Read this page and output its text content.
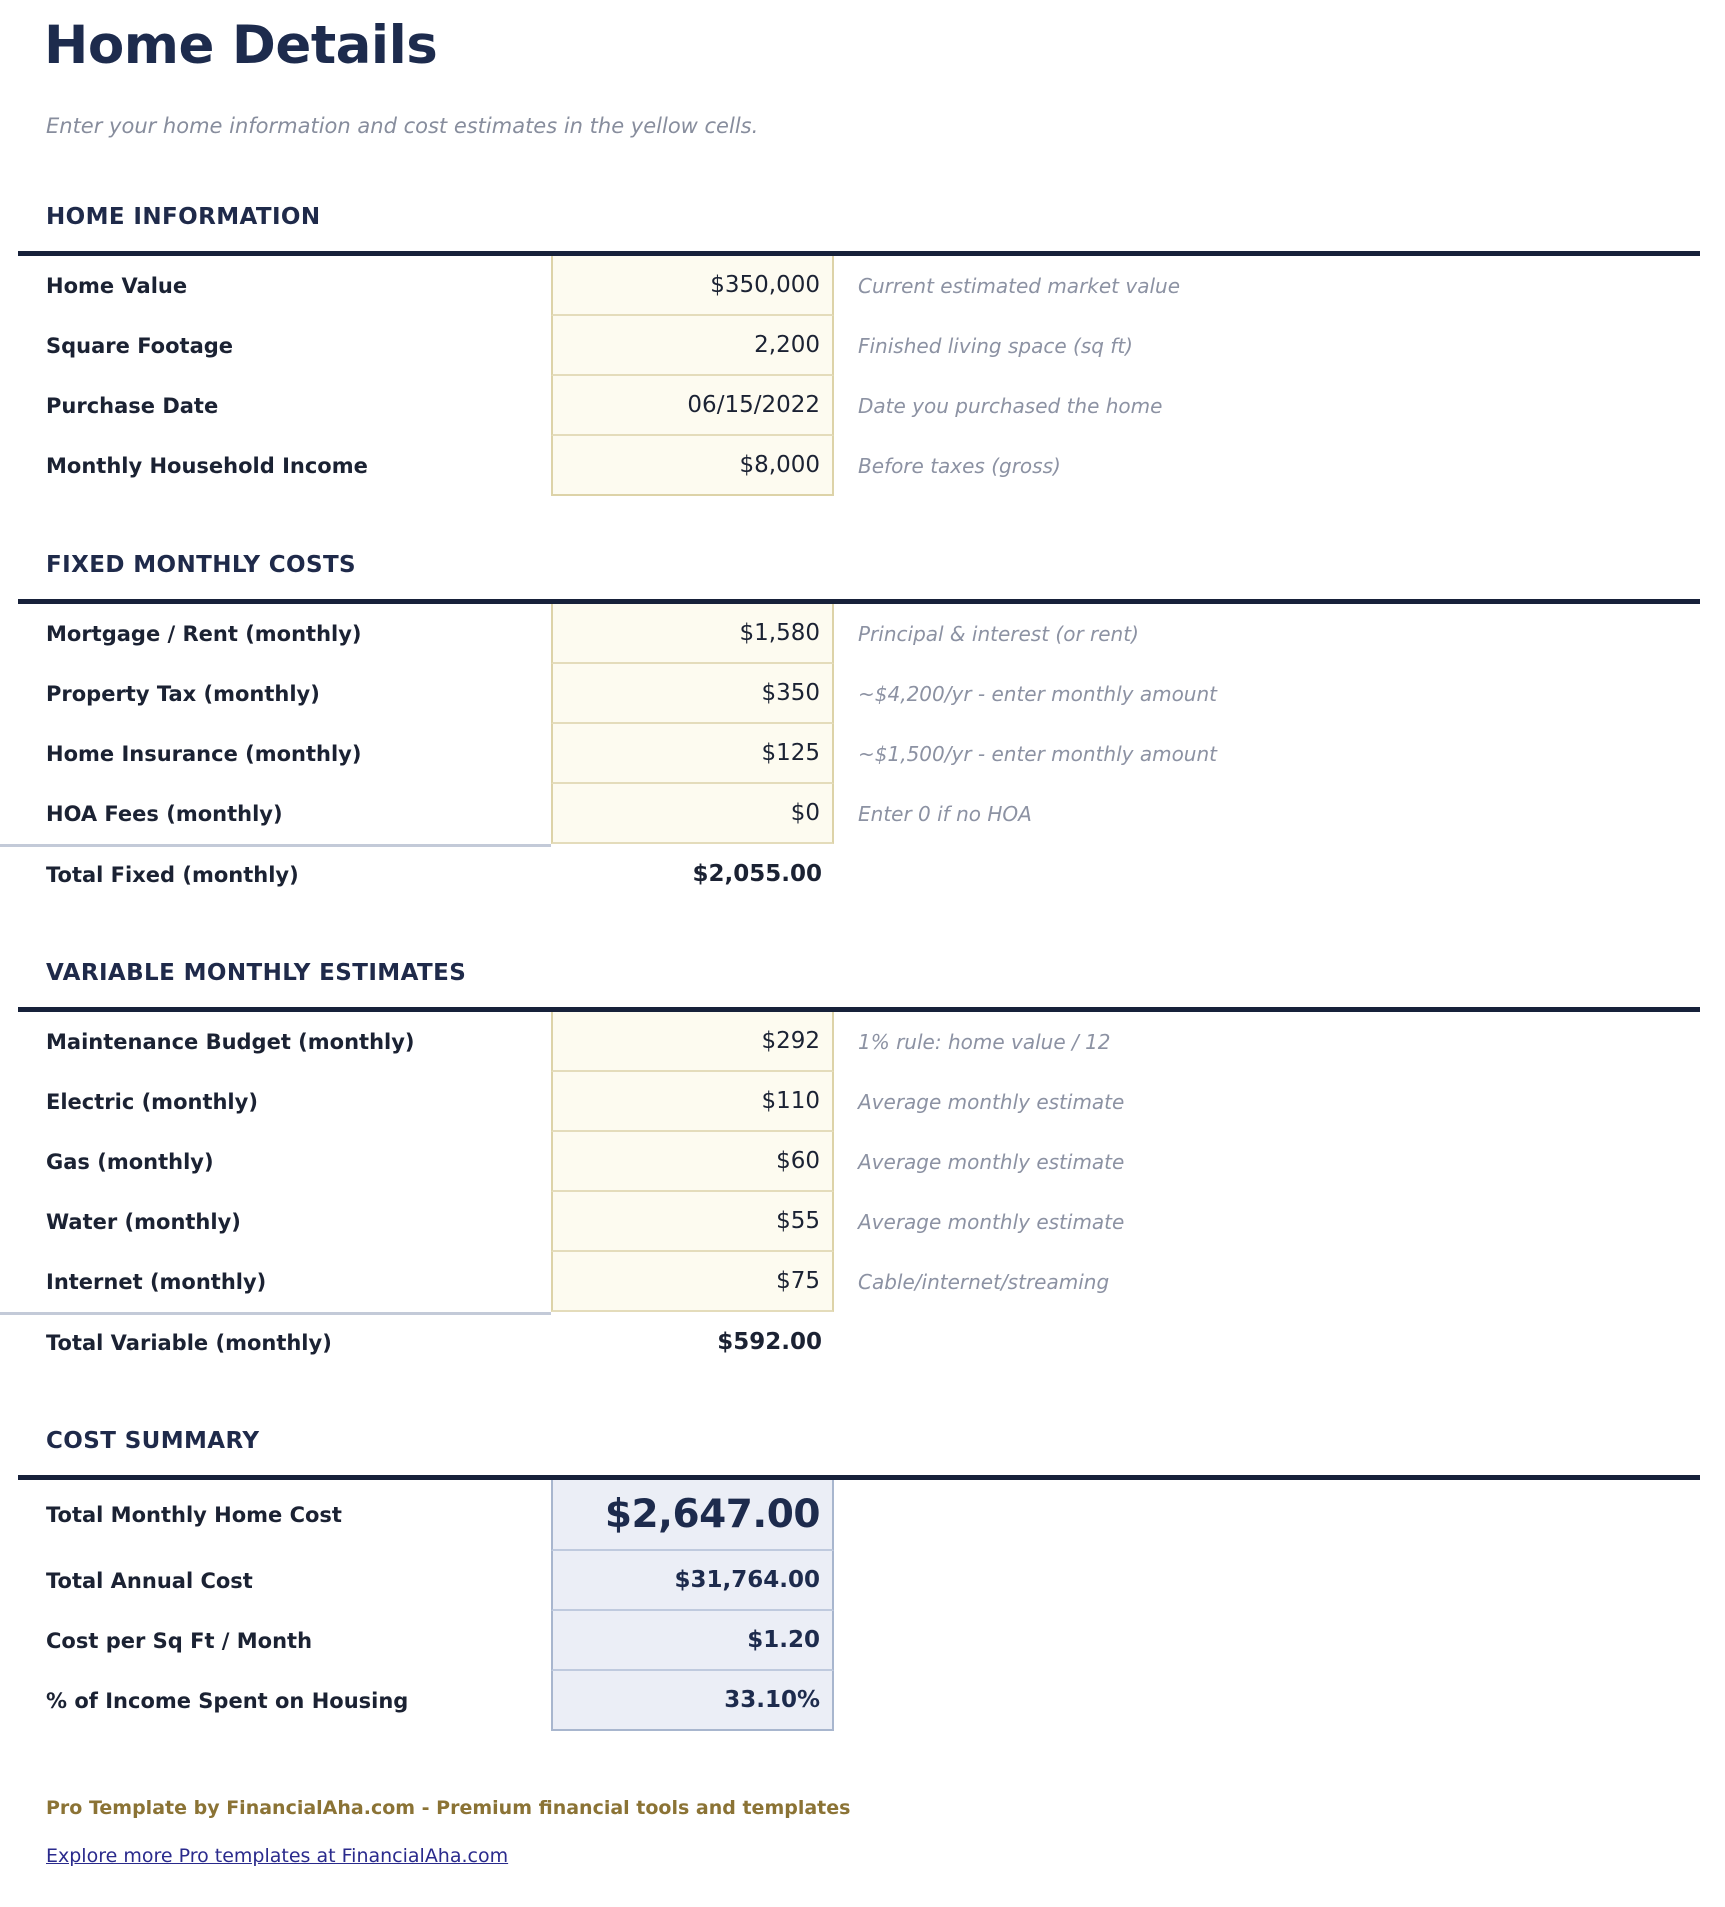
Home Details
Enter your home information and cost estimates in the yellow cells.
HOME INFORMATION
Home Value	$350,000	Current estimated market value
Square Footage	2,200	Finished living space (sq ft)
Purchase Date	06/15/2022	Date you purchased the home
Monthly Household Income	$8,000	Before taxes (gross)
FIXED MONTHLY COSTS
Mortgage / Rent (monthly)	$1,580	Principal & interest (or rent)
Property Tax (monthly)	$350	~$4,200/yr - enter monthly amount
Home Insurance (monthly)	$125	~$1,500/yr - enter monthly amount
HOA Fees (monthly)	$0	Enter 0 if no HOA
Total Fixed (monthly)	$2,055.00
VARIABLE MONTHLY ESTIMATES
Maintenance Budget (monthly)	$292	1% rule: home value / 12
Electric (monthly)	$110	Average monthly estimate
Gas (monthly)	$60	Average monthly estimate
Water (monthly)	$55	Average monthly estimate
Internet (monthly)	$75	Cable/internet/streaming
Total Variable (monthly)	$592.00
COST SUMMARY
Total Monthly Home Cost	$2,647.00
Total Annual Cost	$31,764.00
Cost per Sq Ft / Month	$1.20
% of Income Spent on Housing	33.10%
Pro Template by FinancialAha.com - Premium financial tools and templates
Explore more Pro templates at FinancialAha.com
